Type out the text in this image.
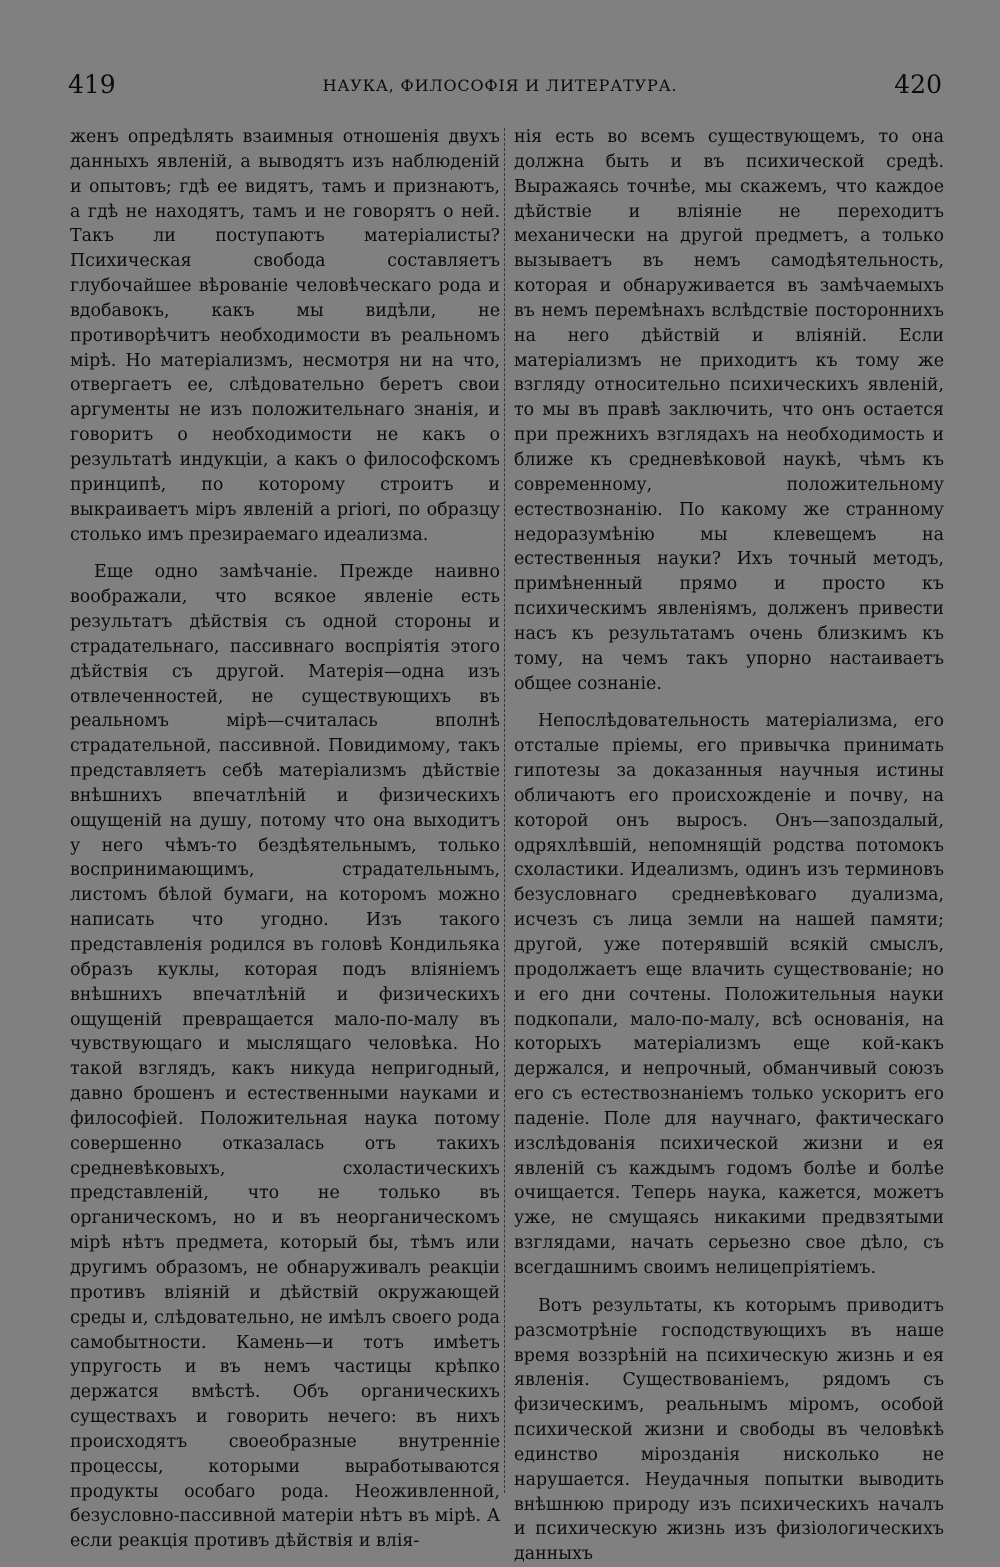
419	НАУКА, ФИЛОСОФІЯ И ЛИТЕРАТУРА.	420

женъ опредѣлять взаимныя отношенія двухъ данныхъ явленій, а выводятъ изъ наблюденій и опытовъ; гдѣ ее видятъ, тамъ и признаютъ, а гдѣ не находятъ, тамъ и не говорятъ о ней. Такъ ли поступаютъ матеріалисты? Психическая свобода составляетъ глубочайшее вѣрованіе человѣческаго рода и вдобавокъ, какъ мы видѣли, не противорѣчитъ необходимости въ реальномъ мірѣ. Но матеріализмъ, несмотря ни на что, отвергаетъ ее, слѣдовательно беретъ свои аргументы не изъ положительнаго знанія, и говоритъ о необходимости не какъ о результатѣ индукціи, а какъ о философскомъ принципѣ, по которому строитъ и выкраиваетъ міръ явленій a priori, по образцу столько имъ презираемаго идеализма.

Еще одно замѣчаніе. Прежде наивно воображали, что всякое явленіе есть результатъ дѣйствія съ одной стороны и страдательнаго, пассивнаго воспріятія этого дѣйствія съ другой. Матерія—одна изъ отвлеченностей, не существующихъ въ реальномъ мірѣ—считалась вполнѣ страдательной, пассивной. Повидимому, такъ представляетъ себѣ матеріализмъ дѣйствіе внѣшнихъ впечатлѣній и физическихъ ощущеній на душу, потому что она выходитъ у него чѣмъ-то бездѣятельнымъ, только воспринимающимъ, страдательнымъ, листомъ бѣлой бумаги, на которомъ можно написать что угодно. Изъ такого представленія родился въ головѣ Кондильяка образъ куклы, которая подъ вліяніемъ внѣшнихъ впечатлѣній и физическихъ ощущеній превращается мало-по-малу въ чувствующаго и мыслящаго человѣка. Но такой взглядъ, какъ никуда непригодный, давно брошенъ и естественными науками и философіей. Положительная наука потому совершенно отказалась отъ такихъ средневѣковыхъ, схоластическихъ представленій, что не только въ органическомъ, но и въ неорганическомъ мірѣ нѣтъ предмета, который бы, тѣмъ или другимъ образомъ, не обнаруживалъ реакціи противъ вліяній и дѣйствій окружающей среды и, слѣдовательно, не имѣлъ своего рода самобытности. Камень—и тотъ имѣетъ упругость и въ немъ частицы крѣпко держатся вмѣстѣ. Объ органическихъ существахъ и говорить нечего: въ нихъ происходятъ своеобразные внутренніе процессы, которыми выработываются продукты особаго рода. Неоживленной, безусловно-пассивной матеріи нѣтъ въ мірѣ. А если реакція противъ дѣйствія и влія-

нія есть во всемъ существующемъ, то она должна быть и въ психической средѣ. Выражаясь точнѣе, мы скажемъ, что каждое дѣйствіе и вліяніе не переходитъ механически на другой предметъ, а только вызываетъ въ немъ самодѣятельность, которая и обнаруживается въ замѣчаемыхъ въ немъ перемѣнахъ вслѣдствіе постороннихъ на него дѣйствій и вліяній. Если матеріализмъ не приходитъ къ тому же взгляду относительно психическихъ явленій, то мы въ правѣ заключить, что онъ остается при прежнихъ взглядахъ на необходимость и ближе къ средневѣковой наукѣ, чѣмъ къ современному, положительному естествознанію. По какому же странному недоразумѣнію мы клевещемъ на естественныя науки? Ихъ точный методъ, примѣненный прямо и просто къ психическимъ явленіямъ, долженъ привести насъ къ результатамъ очень близкимъ къ тому, на чемъ такъ упорно настаиваетъ общее сознаніе.

Непослѣдовательность матеріализма, его отсталые пріемы, его привычка принимать гипотезы за доказанныя научныя истины обличаютъ его происхожденіе и почву, на которой онъ выросъ. Онъ—запоздалый, одряхлѣвшій, непомнящій родства потомокъ схоластики. Идеализмъ, одинъ изъ терминовъ безусловнаго средневѣковаго дуализма, исчезъ съ лица земли на нашей памяти; другой, уже потерявшій всякій смыслъ, продолжаетъ еще влачить существованіе; но и его дни сочтены. Положительныя науки подкопали, мало-по-малу, всѣ основанія, на которыхъ матеріализмъ еще кой-какъ держался, и непрочный, обманчивый союзъ его съ естествознаніемъ только ускоритъ его паденіе. Поле для научнаго, фактическаго изслѣдованія психической жизни и ея явленій съ каждымъ годомъ болѣе и болѣе очищается. Теперь наука, кажется, можетъ уже, не смущаясь никакими предвзятыми взглядами, начать серьезно свое дѣло, съ всегдашнимъ своимъ нелицепріятіемъ.

Вотъ результаты, къ которымъ приводитъ разсмотрѣніе господствующихъ въ наше время воззрѣній на психическую жизнь и ея явленія. Существованіемъ, рядомъ съ физическимъ, реальнымъ міромъ, особой психической жизни и свободы въ человѣкѣ единство мірозданія нисколько не нарушается. Неудачныя попытки выводить внѣшнюю природу изъ психическихъ началъ и психическую жизнь изъ физіологическихъ данныхъ
